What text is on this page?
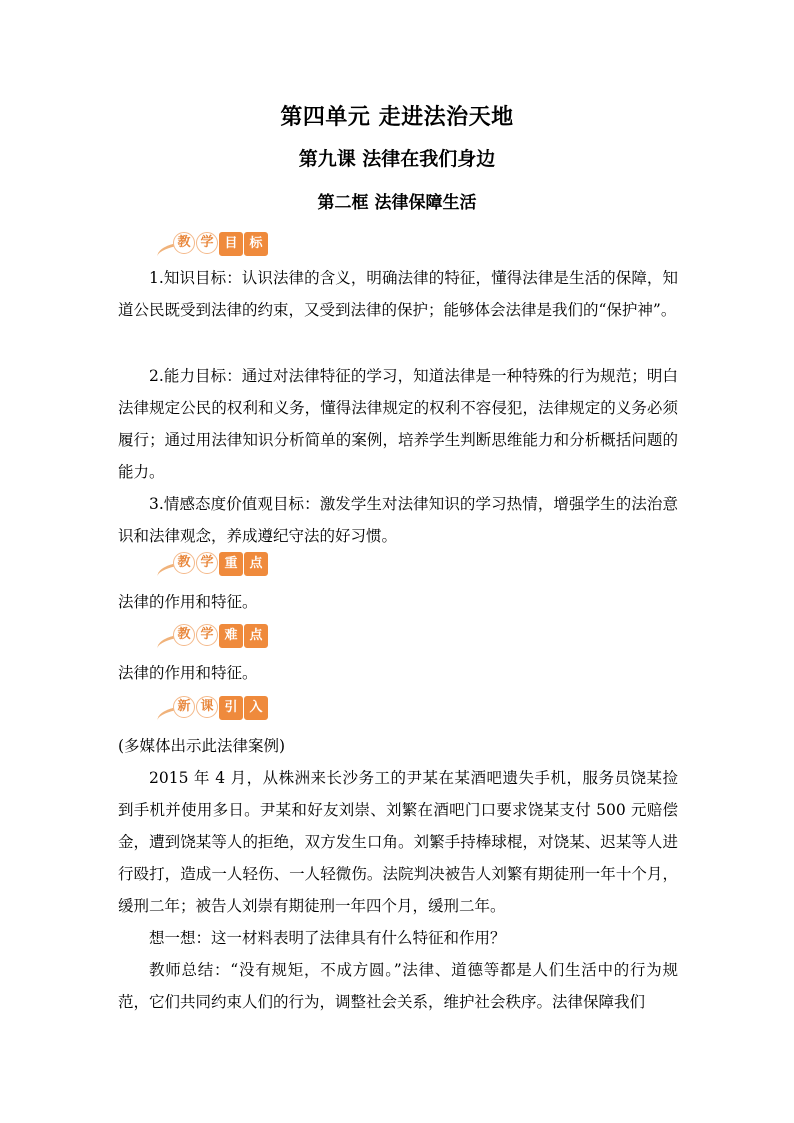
第四单元 走进法治天地
第九课 法律在我们身边
第二框 法律保障生活
教 学 目 标

1.知识目标：认识法律的含义，明确法律的特征，懂得法律是生活的保障，知道公民既受到法律的约束，又受到法律的保护；能够体会法律是我们的“保护神”。

2.能力目标：通过对法律特征的学习，知道法律是一种特殊的行为规范；明白法律规定公民的权利和义务，懂得法律规定的权利不容侵犯，法律规定的义务必须履行；通过用法律知识分析简单的案例，培养学生判断思维能力和分析概括问题的能力。

3.情感态度价值观目标：激发学生对法律知识的学习热情，增强学生的法治意识和法律观念，养成遵纪守法的好习惯。

教 学 重 点

法律的作用和特征。

教 学 难 点

法律的作用和特征。

新 课 引 入

(多媒体出示此法律案例)

2015 年 4 月，从株洲来长沙务工的尹某在某酒吧遗失手机，服务员饶某捡到手机并使用多日。尹某和好友刘崇、刘繁在酒吧门口要求饶某支付 500 元赔偿金，遭到饶某等人的拒绝，双方发生口角。刘繁手持棒球棍，对饶某、迟某等人进行殴打，造成一人轻伤、一人轻微伤。法院判决被告人刘繁有期徒刑一年十个月，缓刑二年；被告人刘崇有期徒刑一年四个月，缓刑二年。

想一想：这一材料表明了法律具有什么特征和作用？

教师总结：“没有规矩，不成方圆。”法律、道德等都是人们生活中的行为规范，它们共同约束人们的行为，调整社会关系，维护社会秩序。法律保障我们
